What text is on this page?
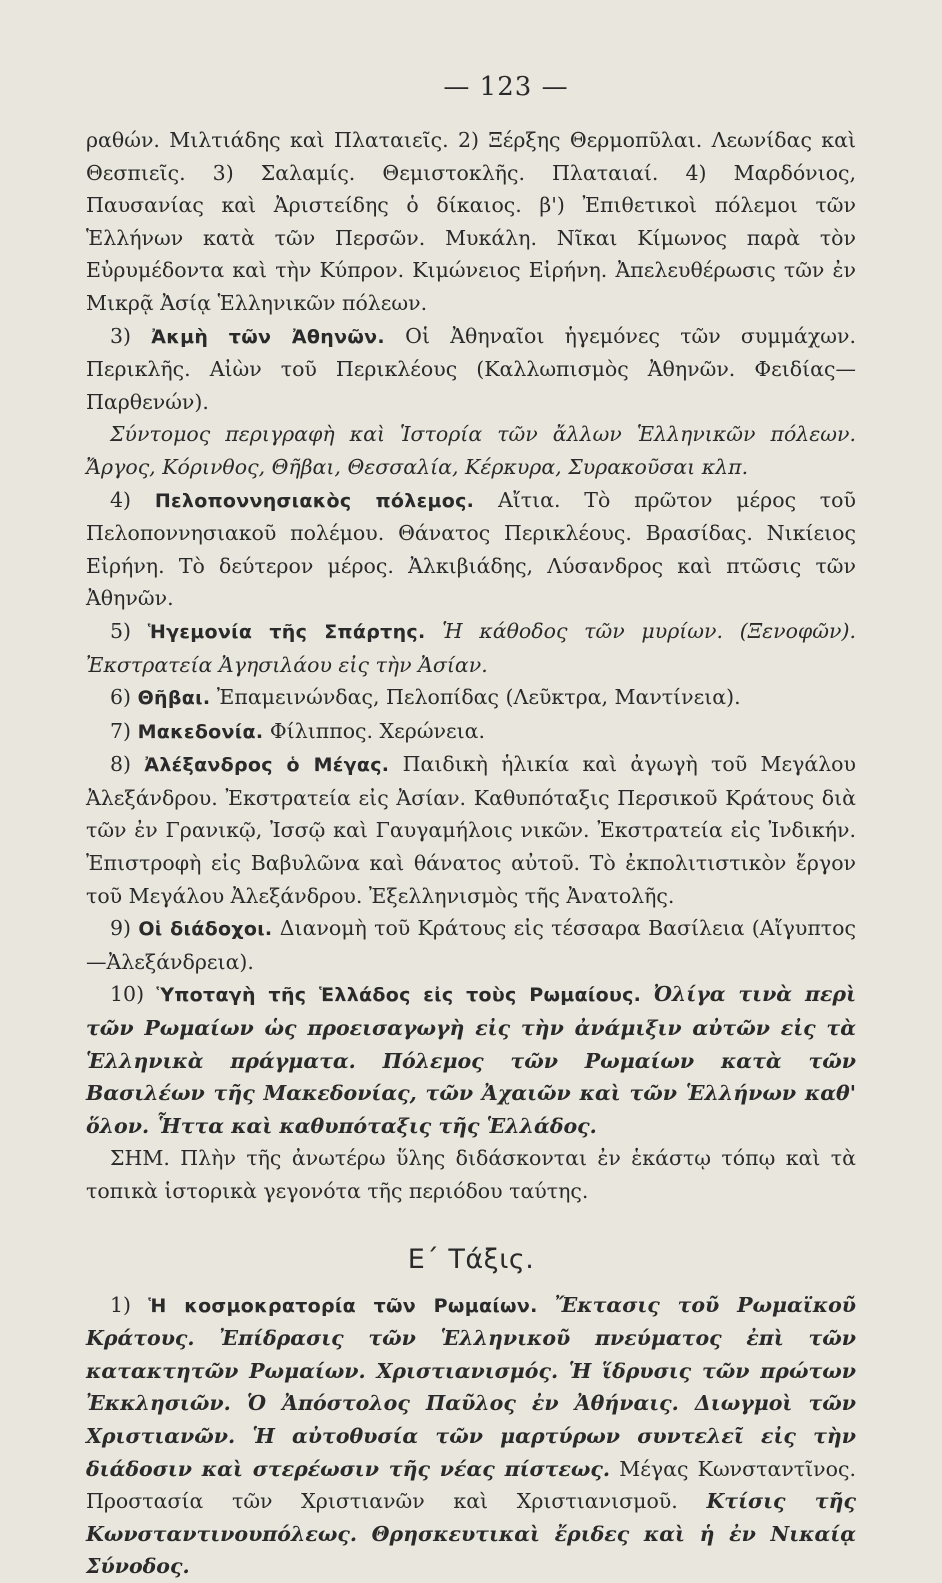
— 123 —

ραθών. Μιλτιάδης καὶ Πλαταιεῖς. 2) Ξέρξης Θερμοπῦλαι. Λεωνίδας καὶ Θεσπιεῖς. 3) Σαλαμίς. Θεμιστοκλῆς. Πλαταιαί. 4) Μαρδόνιος, Παυσανίας καὶ Ἀριστείδης ὁ δίκαιος. β') Ἐπιθετικοὶ πόλεμοι τῶν Ἑλλήνων κατὰ τῶν Περσῶν. Μυκάλη. Νῖκαι Κίμωνος παρὰ τὸν Εὐρυμέδοντα καὶ τὴν Κύπρον. Κιμώνειος Εἰρήνη. Ἀπελευθέρωσις τῶν ἐν Μικρᾷ Ἀσίᾳ Ἑλληνικῶν πόλεων.

3) Ἀκμὴ τῶν Ἀθηνῶν. Οἱ Ἀθηναῖοι ἡγεμόνες τῶν συμμάχων. Περικλῆς. Αἰὼν τοῦ Περικλέους (Καλλωπισμὸς Ἀθηνῶν. Φειδίας—Παρθενών).

Σύντομος περιγραφὴ καὶ Ἱστορία τῶν ἄλλων Ἑλληνικῶν πόλεων. Ἄργος, Κόρινθος, Θῆβαι, Θεσσαλία, Κέρκυρα, Συρακοῦσαι κλπ.

4) Πελοποννησιακὸς πόλεμος. Αἴτια. Τὸ πρῶτον μέρος τοῦ Πελοποννησιακοῦ πολέμου. Θάνατος Περικλέους. Βρασίδας. Νικίειος Εἰρήνη. Τὸ δεύτερον μέρος. Ἀλκιβιάδης, Λύσανδρος καὶ πτῶσις τῶν Ἀθηνῶν.

5) Ἡγεμονία τῆς Σπάρτης. Ἡ κάθοδος τῶν μυρίων. (Ξενοφῶν). Ἐκστρατεία Ἀγησιλάου εἰς τὴν Ἀσίαν.

6) Θῆβαι. Ἐπαμεινώνδας, Πελοπίδας (Λεῦκτρα, Μαντίνεια).

7) Μακεδονία. Φίλιππος. Χερώνεια.

8) Ἀλέξανδρος ὁ Μέγας. Παιδικὴ ἡλικία καὶ ἀγωγὴ τοῦ Μεγάλου Ἀλεξάνδρου. Ἐκστρατεία εἰς Ἀσίαν. Καθυπόταξις Περσικοῦ Κράτους διὰ τῶν ἐν Γρανικῷ, Ἰσσῷ καὶ Γαυγαμήλοις νικῶν. Ἐκστρατεία εἰς Ἰνδικήν. Ἐπιστροφὴ εἰς Βαβυλῶνα καὶ θάνατος αὐτοῦ. Τὸ ἐκπολιτιστικὸν ἔργον τοῦ Μεγάλου Ἀλεξάνδρου. Ἐξελληνισμὸς τῆς Ἀνατολῆς.

9) Οἱ διάδοχοι. Διανομὴ τοῦ Κράτους εἰς τέσσαρα Βασίλεια (Αἴγυπτος—Ἀλεξάνδρεια).

10) Ὑποταγὴ τῆς Ἑλλάδος εἰς τοὺς Ρωμαίους. Ὀλίγα τινὰ περὶ τῶν Ρωμαίων ὡς προεισαγωγὴ εἰς τὴν ἀνάμιξιν αὐτῶν εἰς τὰ Ἑλληνικὰ πράγματα. Πόλεμος τῶν Ρωμαίων κατὰ τῶν Βασιλέων τῆς Μακεδονίας, τῶν Ἀχαιῶν καὶ τῶν Ἑλλήνων καθ' ὅλον. Ἧττα καὶ καθυπόταξις τῆς Ἑλλάδος.

ΣΗΜ. Πλὴν τῆς ἀνωτέρω ὕλης διδάσκονται ἐν ἑκάστῳ τόπῳ καὶ τὰ τοπικὰ ἱστορικὰ γεγονότα τῆς περιόδου ταύτης.

Ε΄ Τάξις.

1) Ἡ κοσμοκρατορία τῶν Ρωμαίων. Ἔκτασις τοῦ Ρωμαϊκοῦ Κράτους. Ἐπίδρασις τῶν Ἑλληνικοῦ πνεύματος ἐπὶ τῶν κατακτητῶν Ρωμαίων. Χριστιανισμός. Ἡ ἵδρυσις τῶν πρώτων Ἐκκλησιῶν. Ὁ Ἀπόστολος Παῦλος ἐν Ἀθήναις. Διωγμοὶ τῶν Χριστιανῶν. Ἡ αὐτοθυσία τῶν μαρτύρων συντελεῖ εἰς τὴν διάδοσιν καὶ στερέωσιν τῆς νέας πίστεως. Μέγας Κωνσταντῖνος. Προστασία τῶν Χριστιανῶν καὶ Χριστιανισμοῦ. Κτίσις τῆς Κωνσταντινουπόλεως. Θρησκευτικαὶ ἔριδες καὶ ἡ ἐν Νικαίᾳ Σύνοδος.
